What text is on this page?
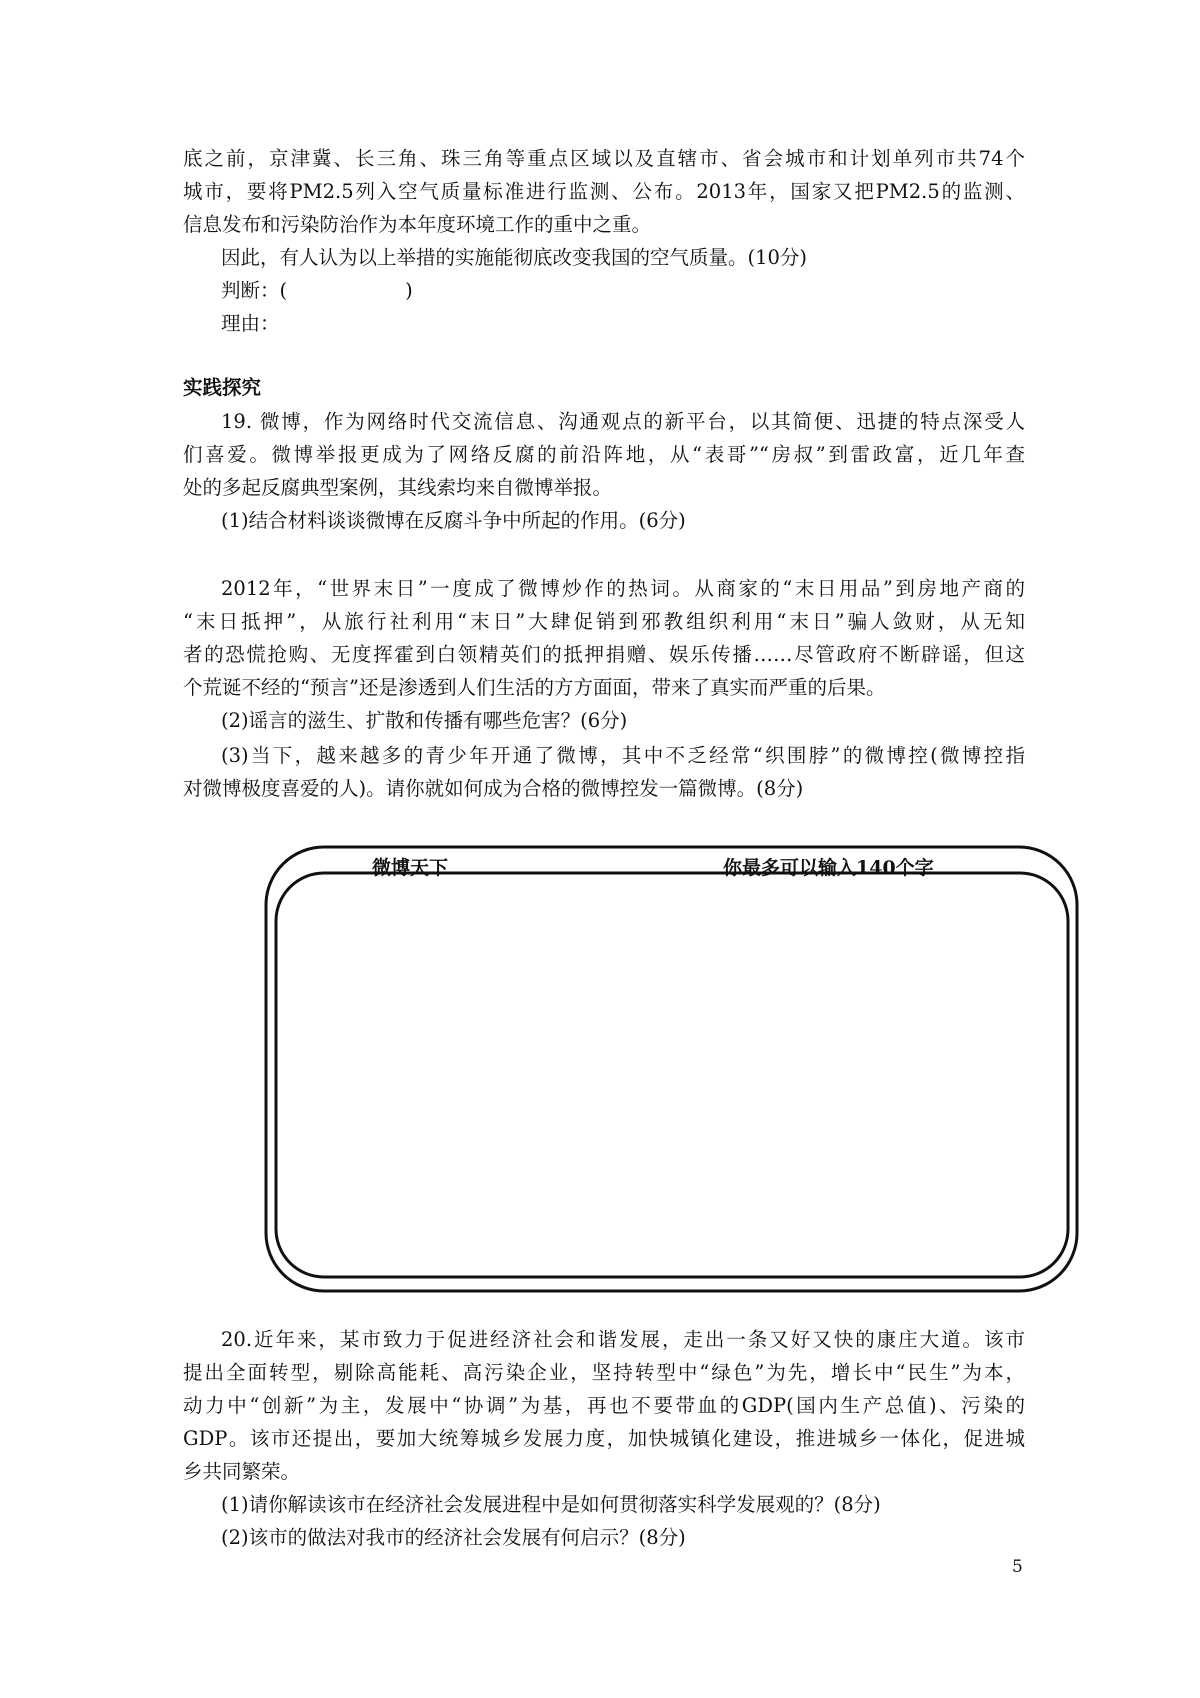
底之前，京津冀、长三角、珠三角等重点区域以及直辖市、省会城市和计划单列市共74个
城市，要将PM2.5列入空气质量标准进行监测、公布。2013年，国家又把PM2.5的监测、
信息发布和污染防治作为本年度环境工作的重中之重。
因此，有人认为以上举措的实施能彻底改变我国的空气质量。(10分)
判断：(	)
理由：
实践探究
19. 微博，作为网络时代交流信息、沟通观点的新平台，以其简便、迅捷的特点深受人
们喜爱。微博举报更成为了网络反腐的前沿阵地，从“表哥”“房叔”到雷政富，近几年查
处的多起反腐典型案例，其线索均来自微博举报。
(1)结合材料谈谈微博在反腐斗争中所起的作用。(6分)
2012年，“世界末日”一度成了微博炒作的热词。从商家的“末日用品”到房地产商的
“末日抵押”，从旅行社利用“末日”大肆促销到邪教组织利用“末日”骗人敛财，从无知
者的恐慌抢购、无度挥霍到白领精英们的抵押捐赠、娱乐传播……尽管政府不断辟谣，但这
个荒诞不经的“预言”还是渗透到人们生活的方方面面，带来了真实而严重的后果。
(2)谣言的滋生、扩散和传播有哪些危害？(6分)
(3)当下，越来越多的青少年开通了微博，其中不乏经常“织围脖”的微博控(微博控指
对微博极度喜爱的人)。请你就如何成为合格的微博控发一篇微博。(8分)
微博天下	你最多可以输入140个字
20.近年来，某市致力于促进经济社会和谐发展，走出一条又好又快的康庄大道。该市
提出全面转型，剔除高能耗、高污染企业，坚持转型中“绿色”为先，增长中“民生”为本，
动力中“创新”为主，发展中“协调”为基，再也不要带血的GDP(国内生产总值)、污染的
GDP。该市还提出，要加大统筹城乡发展力度，加快城镇化建设，推进城乡一体化，促进城
乡共同繁荣。
(1)请你解读该市在经济社会发展进程中是如何贯彻落实科学发展观的？(8分)
(2)该市的做法对我市的经济社会发展有何启示？(8分)
5
